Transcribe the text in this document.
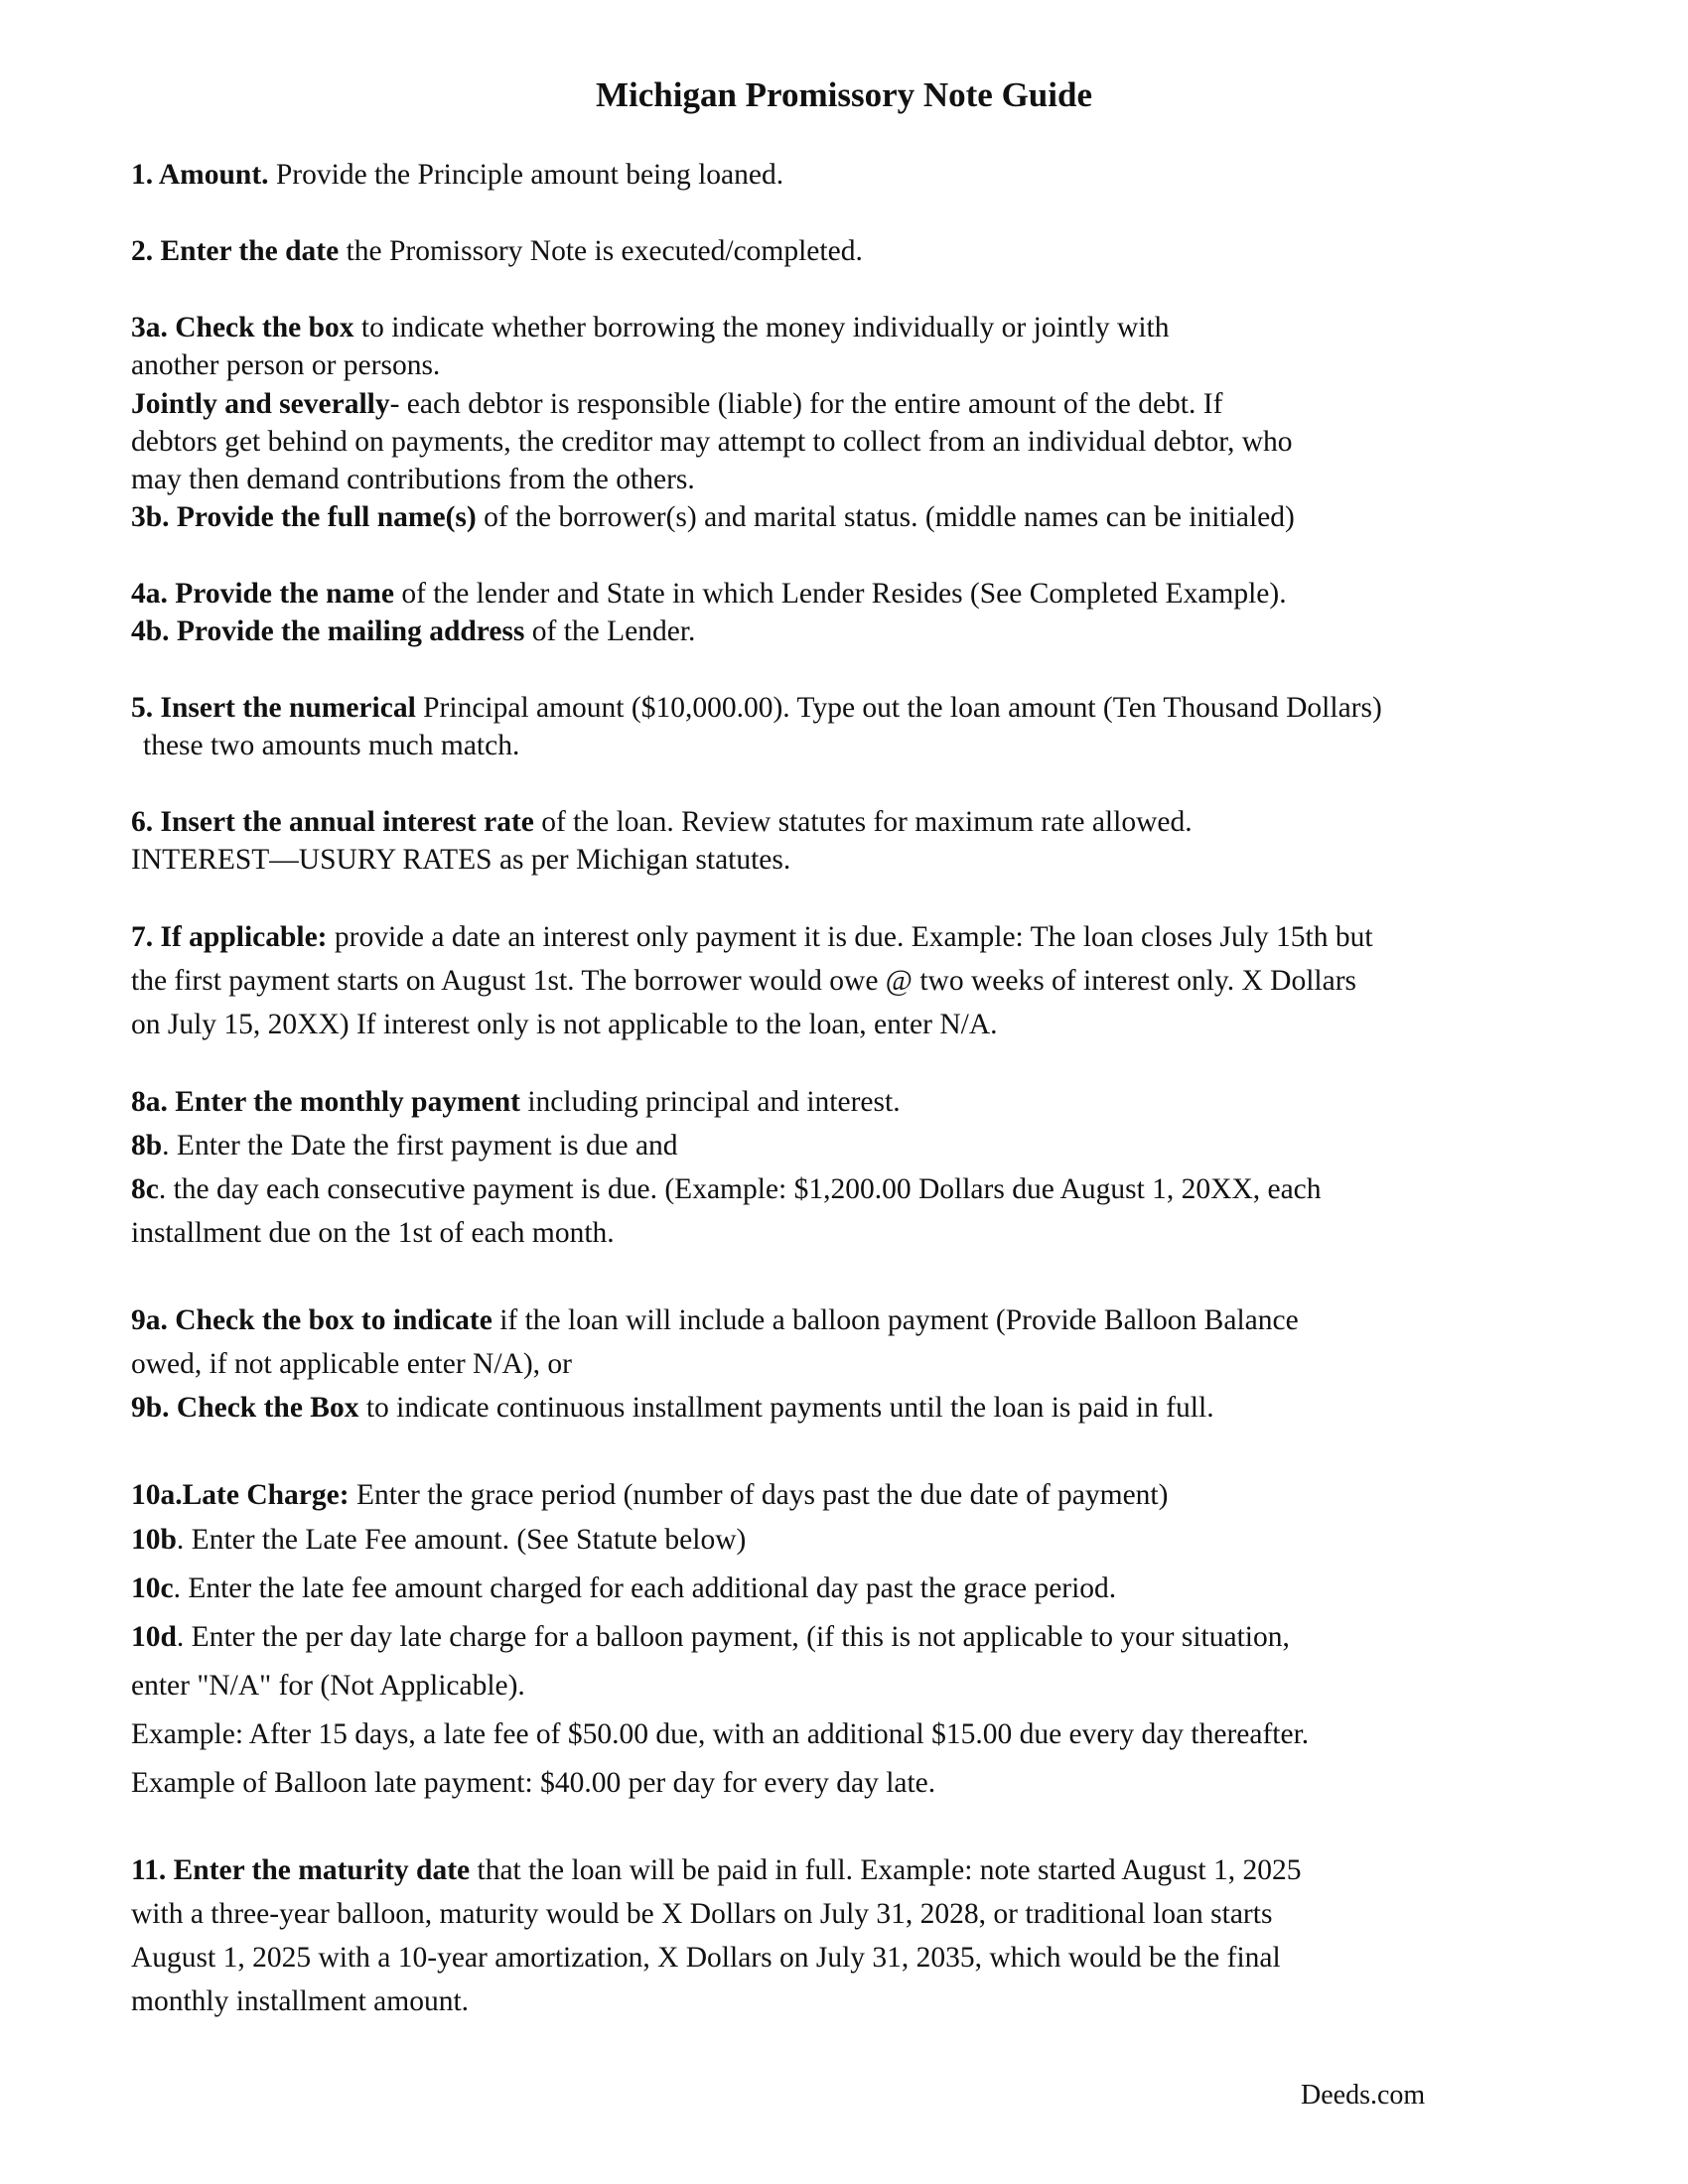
Michigan Promissory Note Guide

1. Amount. Provide the Principle amount being loaned.

2. Enter the date the Promissory Note is executed/completed.

3a. Check the box to indicate whether borrowing the money individually or jointly with

another person or persons.

Jointly and severally- each debtor is responsible (liable) for the entire amount of the debt. If

debtors get behind on payments, the creditor may attempt to collect from an individual debtor, who

may then demand contributions from the others.

3b. Provide the full name(s) of the borrower(s) and marital status. (middle names can be initialed)

4a. Provide the name of the lender and State in which Lender Resides (See Completed Example).

4b. Provide the mailing address of the Lender.

5. Insert the numerical Principal amount ($10,000.00). Type out the loan amount (Ten Thousand Dollars)

these two amounts much match.

6. Insert the annual interest rate of the loan. Review statutes for maximum rate allowed.

INTEREST—USURY RATES as per Michigan statutes.

7. If applicable: provide a date an interest only payment it is due. Example: The loan closes July 15th but

the first payment starts on August 1st. The borrower would owe @ two weeks of interest only. X Dollars

on July 15, 20XX) If interest only is not applicable to the loan, enter N/A.

8a. Enter the monthly payment including principal and interest.

8b. Enter the Date the first payment is due and

8c. the day each consecutive payment is due. (Example: $1,200.00 Dollars due August 1, 20XX, each

installment due on the 1st of each month.

9a. Check the box to indicate if the loan will include a balloon payment (Provide Balloon Balance

owed, if not applicable enter N/A), or

9b. Check the Box to indicate continuous installment payments until the loan is paid in full.

10a.Late Charge: Enter the grace period (number of days past the due date of payment)

10b. Enter the Late Fee amount. (See Statute below)

10c. Enter the late fee amount charged for each additional day past the grace period.

10d. Enter the per day late charge for a balloon payment, (if this is not applicable to your situation,

enter "N/A" for (Not Applicable).

Example: After 15 days, a late fee of $50.00 due, with an additional $15.00 due every day thereafter.

Example of Balloon late payment: $40.00 per day for every day late.

11. Enter the maturity date that the loan will be paid in full. Example: note started August 1, 2025

with a three-year balloon, maturity would be X Dollars on July 31, 2028, or traditional loan starts

August 1, 2025 with a 10-year amortization, X Dollars on July 31, 2035, which would be the final

monthly installment amount.

Deeds.com
